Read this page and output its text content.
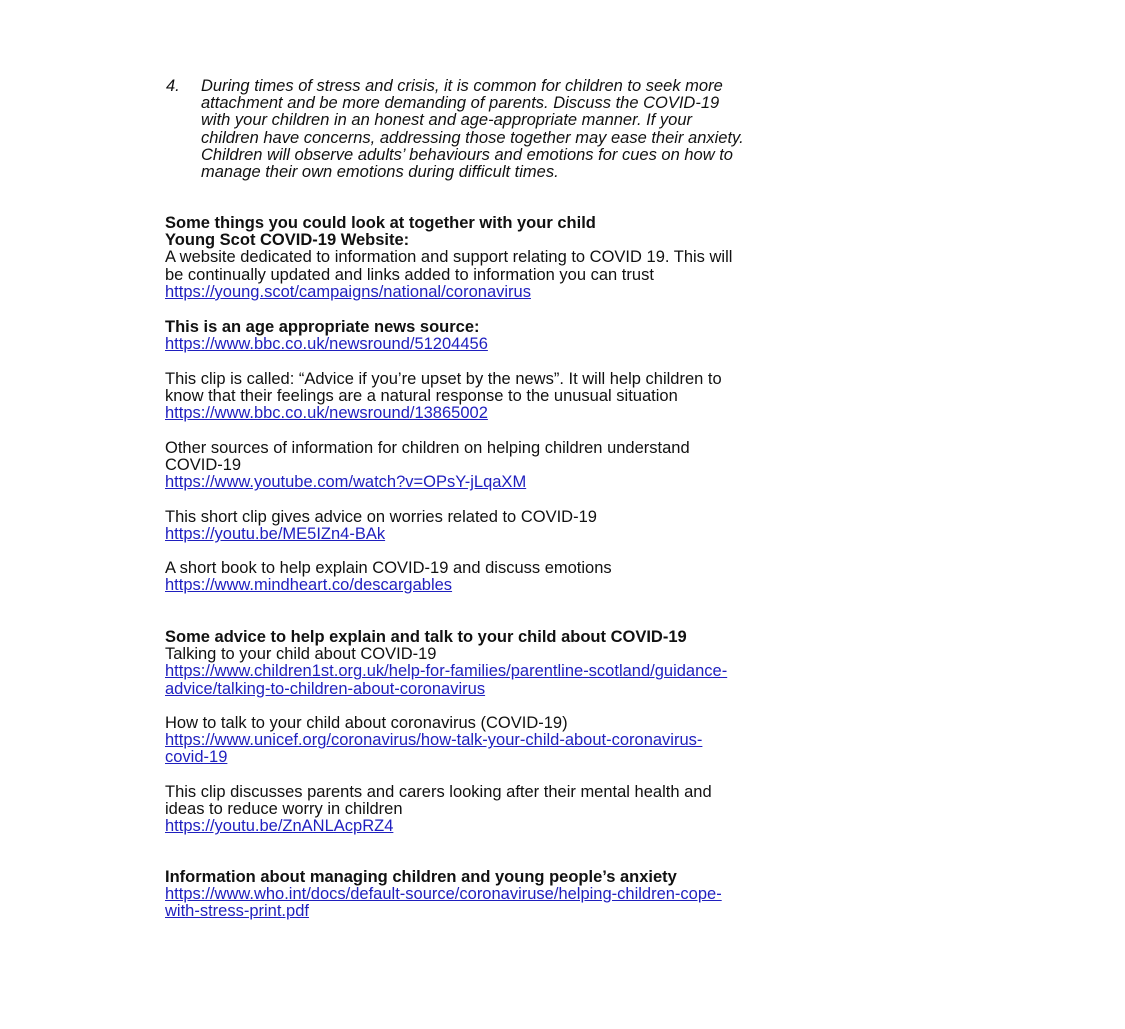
4. During times of stress and crisis, it is common for children to seek more
attachment and be more demanding of parents. Discuss the COVID-19
with your children in an honest and age-appropriate manner. If your
children have concerns, addressing those together may ease their anxiety.
Children will observe adults’ behaviours and emotions for cues on how to
manage their own emotions during difficult times.
Some things you could look at together with your child
Young Scot COVID-19 Website:
A website dedicated to information and support relating to COVID 19. This will
be continually updated and links added to information you can trust
https://young.scot/campaigns/national/coronavirus
This is an age appropriate news source:
https://www.bbc.co.uk/newsround/51204456
This clip is called: “Advice if you’re upset by the news”. It will help children to
know that their feelings are a natural response to the unusual situation
https://www.bbc.co.uk/newsround/13865002
Other sources of information for children on helping children understand
COVID-19
https://www.youtube.com/watch?v=OPsY-jLqaXM
This short clip gives advice on worries related to COVID-19
https://youtu.be/ME5IZn4-BAk
A short book to help explain COVID-19 and discuss emotions
https://www.mindheart.co/descargables
Some advice to help explain and talk to your child about COVID-19
Talking to your child about COVID-19
https://www.children1st.org.uk/help-for-families/parentline-scotland/guidance-
advice/talking-to-children-about-coronavirus
How to talk to your child about coronavirus (COVID-19)
https://www.unicef.org/coronavirus/how-talk-your-child-about-coronavirus-
covid-19
This clip discusses parents and carers looking after their mental health and
ideas to reduce worry in children
https://youtu.be/ZnANLAcpRZ4
Information about managing children and young people’s anxiety
https://www.who.int/docs/default-source/coronaviruse/helping-children-cope-
with-stress-print.pdf
